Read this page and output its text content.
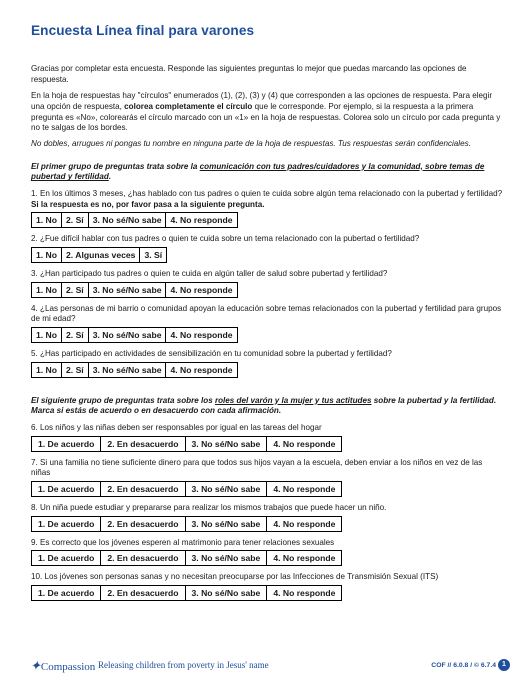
Encuesta Línea final para varones

Gracias por completar esta encuesta. Responde las siguientes preguntas lo mejor que puedas marcando las opciones de respuesta.

En la hoja de respuestas hay "círculos" enumerados (1), (2), (3) y (4) que corresponden a las opciones de respuesta. Para elegir una opción de respuesta, colorea completamente el círculo que le corresponde. Por ejemplo, si la respuesta a la primera pregunta es «No», colorearás el círculo marcado con un «1» en la hoja de respuestas. Colorea solo un círculo por cada pregunta y no te salgas de los bordes.

No dobles, arrugues ni pongas tu nombre en ninguna parte de la hoja de respuestas. Tus respuestas serán confidenciales.

El primer grupo de preguntas trata sobre la comunicación con tus padres/cuidadores y la comunidad, sobre temas de pubertad y fertilidad.

1. En los últimos 3 meses, ¿has hablado con tus padres o quien te cuida sobre algún tema relacionado con la pubertad y fertilidad? Si la respuesta es no, por favor pasa a la siguiente pregunta.

1. No	2. Sí	3. No sé/No sabe	4. No responde

2. ¿Fue difícil hablar con tus padres o quien te cuida sobre un tema relacionado con la pubertad o fertilidad?

1. No	2. Algunas veces	3. Sí

3. ¿Han participado tus padres o quien te cuida en algún taller de salud sobre pubertad y fertilidad?

1. No	2. Sí	3. No sé/No sabe	4. No responde

4. ¿Las personas de mi barrio o comunidad apoyan la educación sobre temas relacionados con la pubertad y fertilidad para grupos de mi edad?

1. No	2. Sí	3. No sé/No sabe	4. No responde

5. ¿Has participado en actividades de sensibilización en tu comunidad sobre la pubertad y fertilidad?

1. No	2. Sí	3. No sé/No sabe	4. No responde

El siguiente grupo de preguntas trata sobre los roles del varón y la mujer y tus actitudes sobre la pubertad y la fertilidad. Marca si estás de acuerdo o en desacuerdo con cada afirmación.

6. Los niños y las niñas deben ser responsables por igual en las tareas del hogar

1. De acuerdo	2. En desacuerdo	3. No sé/No sabe	4. No responde

7. Si una familia no tiene suficiente dinero para que todos sus hijos vayan a la escuela, deben enviar a los niños en vez de las niñas

1. De acuerdo	2. En desacuerdo	3. No sé/No sabe	4. No responde

8. Un niña puede estudiar y prepararse para realizar los mismos trabajos que puede hacer un niño.

1. De acuerdo	2. En desacuerdo	3. No sé/No sabe	4. No responde

9. Es correcto que los jóvenes esperen al matrimonio para tener relaciones sexuales

1. De acuerdo	2. En desacuerdo	3. No sé/No sabe	4. No responde

10. Los jóvenes son personas sanas y no necesitan preocuparse por las Infecciones de Transmisión Sexual (ITS)

1. De acuerdo	2. En desacuerdo	3. No sé/No sabe	4. No responde
✦Compassion Releasing children from poverty in Jesus' name	COF // 6.0.8 / © 6.7.4 1
